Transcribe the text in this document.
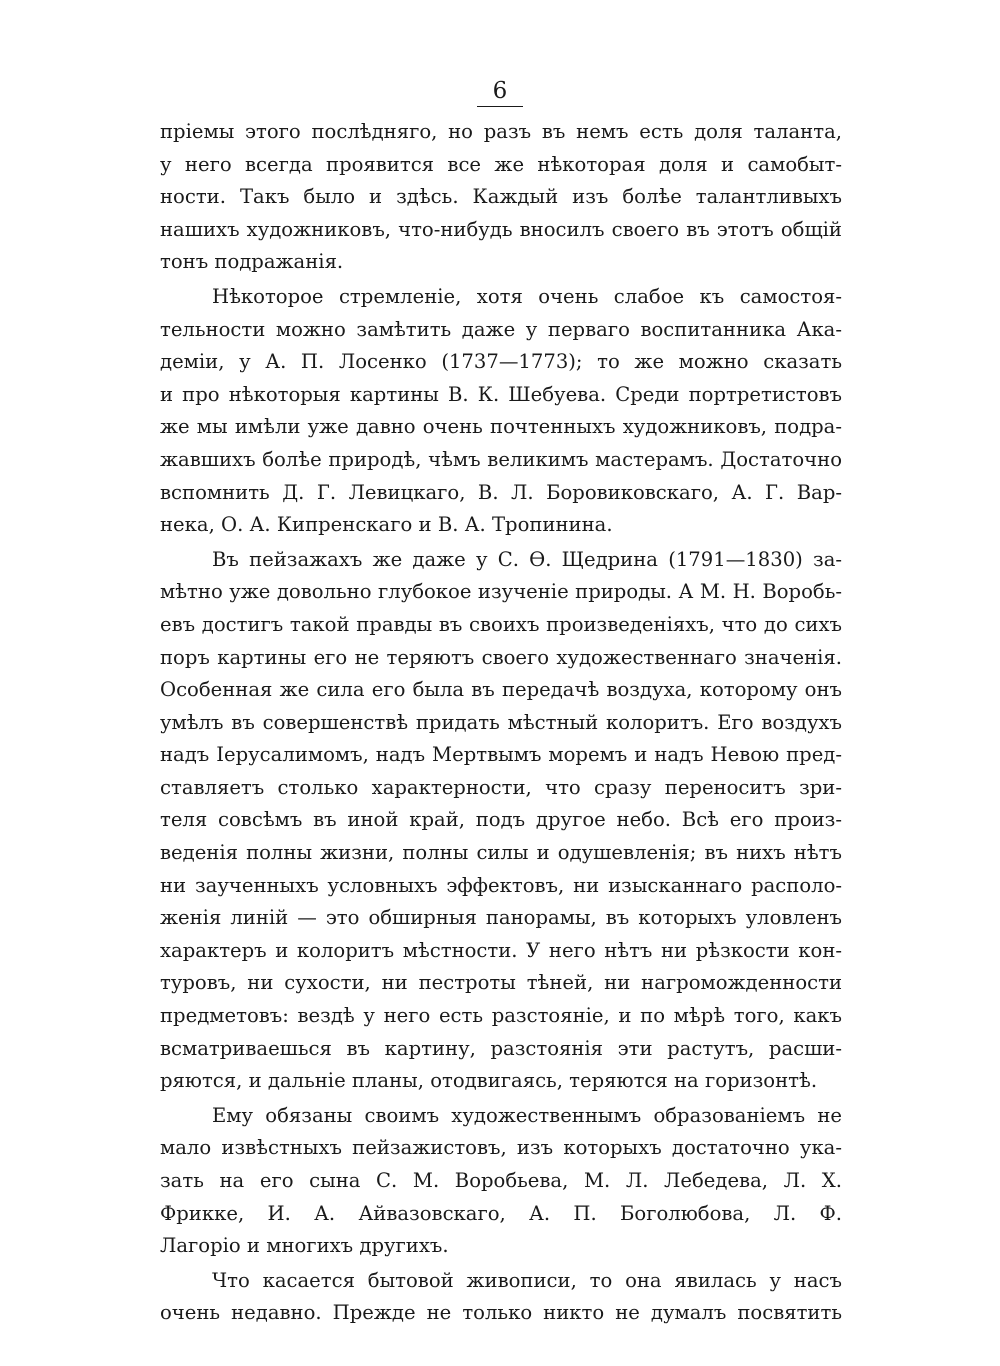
6
пріемы этого послѣдняго, но разъ въ немъ есть доля таланта,
у него всегда проявится все же нѣкоторая доля и самобыт-
ности. Такъ было и здѣсь. Каждый изъ болѣе талантливыхъ
нашихъ художниковъ, что-нибудь вносилъ своего въ этотъ общій
тонъ подражанія.
Нѣкоторое стремленіе, хотя очень слабое къ самостоя-
тельности можно замѣтить даже у перваго воспитанника Ака-
деміи, у А. П. Лосенко (1737—1773); то же можно сказать
и про нѣкоторыя картины В. К. Шебуева. Среди портретистовъ
же мы имѣли уже давно очень почтенныхъ художниковъ, подра-
жавшихъ болѣе природѣ, чѣмъ великимъ мастерамъ. Достаточно
вспомнить Д. Г. Левицкаго, В. Л. Боровиковскаго, А. Г. Вар-
нека, О. А. Кипренскаго и В. А. Тропинина.
Въ пейзажахъ же даже у С. Ѳ. Щедрина (1791—1830) за-
мѣтно уже довольно глубокое изученіе природы. А М. Н. Воробь-
евъ достигъ такой правды въ своихъ произведеніяхъ, что до сихъ
поръ картины его не теряютъ своего художественнаго значенія.
Особенная же сила его была въ передачѣ воздуха, которому онъ
умѣлъ въ совершенствѣ придать мѣстный колоритъ. Его воздухъ
надъ Іерусалимомъ, надъ Мертвымъ моремъ и надъ Невою пред-
ставляетъ столько характерности, что сразу переноситъ зри-
теля совсѣмъ въ иной край, подъ другое небо. Всѣ его произ-
веденія полны жизни, полны силы и одушевленія; въ нихъ нѣтъ
ни заученныхъ условныхъ эффектовъ, ни изысканнаго располо-
женія линій — это обширныя панорамы, въ которыхъ уловленъ
характеръ и колоритъ мѣстности. У него нѣтъ ни рѣзкости кон-
туровъ, ни сухости, ни пестроты тѣней, ни нагроможденности
предметовъ: вездѣ у него есть разстояніе, и по мѣрѣ того, какъ
всматриваешься въ картину, разстоянія эти растутъ, расши-
ряются, и дальніе планы, отодвигаясь, теряются на горизонтѣ.
Ему обязаны своимъ художественнымъ образованіемъ не
мало извѣстныхъ пейзажистовъ, изъ которыхъ достаточно ука-
зать на его сына С. М. Воробьева, М. Л. Лебедева, Л. Х.
Фрикке, И. А. Айвазовскаго, А. П. Боголюбова, Л. Ф.
Лагоріо и многихъ другихъ.
Что касается бытовой живописи, то она явилась у насъ
очень недавно. Прежде не только никто не думалъ посвятить
